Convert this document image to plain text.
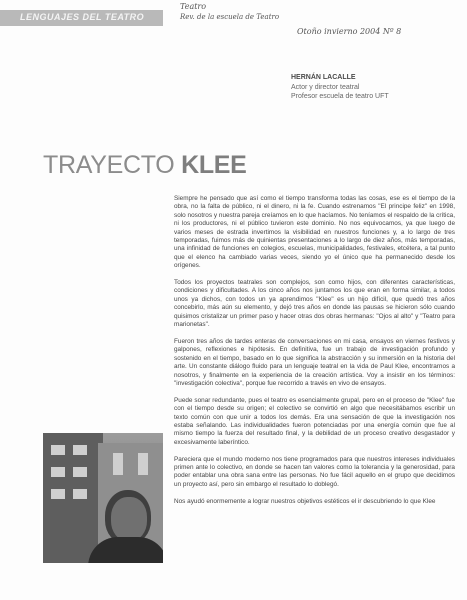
LENGUAJES DEL TEATRO
Teatro
Rev. de la escuela de Teatro
Otoño invierno 2004 Nº 8
HERNÁN LACALLE
Actor y director teatral
Profesor escuela de teatro UFT
TRAYECTO KLEE

Siempre he pensado que así como el tiempo transforma todas las cosas, ese es el tiempo de la obra, no la falta de público, ni el dinero, ni la fe. Cuando estrenamos "El principe feliz" en 1998, solo nosotros y nuestra pareja creíamos en lo que hacíamos. No teníamos el respaldo de la crítica, ni los productores, ni el público tuvieron este dominio. No nos equivocamos, ya que luego de varios meses de estrada invertimos la visibilidad en nuestros funciones y, a lo largo de tres temporadas, fuimos más de quinientas presentaciones a lo largo de diez años, más temporadas, una infinidad de funciones en colegios, escuelas, municipalidades, festivales, etcétera, a tal punto que el elenco ha cambiado varias veces, siendo yo el único que ha permanecido desde los orígenes.

Todos los proyectos teatrales son complejos, son como hijos, con diferentes características, condiciones y dificultades. A los cinco años nos juntamos los que eran en forma similar, a todos unos ya dichos, con todos un ya aprendimos "Klee" es un hijo difícil, que quedó tres años concebirlo, más aún su elemento, y dejó tres años en donde las pausas se hicieron sólo cuando quisimos cristalizar un primer paso y hacer otras dos obras hermanas: "Ojos al alto" y "Teatro para marionetas".

Fueron tres años de tardes enteras de conversaciones en mi casa, ensayos en viernes festivos y galpones, reflexiones e hipótesis. En definitiva, fue un trabajo de investigación profundo y sostenido en el tiempo, basado en lo que significa la abstracción y su inmersión en la historia del arte. Un constante diálogo fluido para un lenguaje teatral en la vida de Paul Klee, encontrarnos a nosotros, y finalmente en la experiencia de la creación artística. Voy a insistir en los términos: "investigación colectiva", porque fue recorrido a través en vivo de ensayos.

Puede sonar redundante, pues el teatro es esencialmente grupal, pero en el proceso de "Klee" fue con el tiempo desde su origen; el colectivo se convirtió en algo que necesitábamos escribir un texto común con que unir a todos los demás. Era una sensación de que la investigación nos estaba señalando. Las individualidades fueron potenciadas por una energía común que fue al mismo tiempo la fuerza del resultado final, y la debilidad de un proceso creativo desgastador y excesivamente laberíntico.

Pareciera que el mundo moderno nos tiene programados para que nuestros intereses individuales primen ante lo colectivo, en donde se hacen tan valores como la tolerancia y la generosidad, para poder entablar una obra sana entre las personas. No fue fácil aquello en el grupo que decidimos un proyecto así, pero sin embargo el resultado lo doblegó.

Nos ayudó enormemente a lograr nuestros objetivos estéticos el ir descubriendo lo que Klee
